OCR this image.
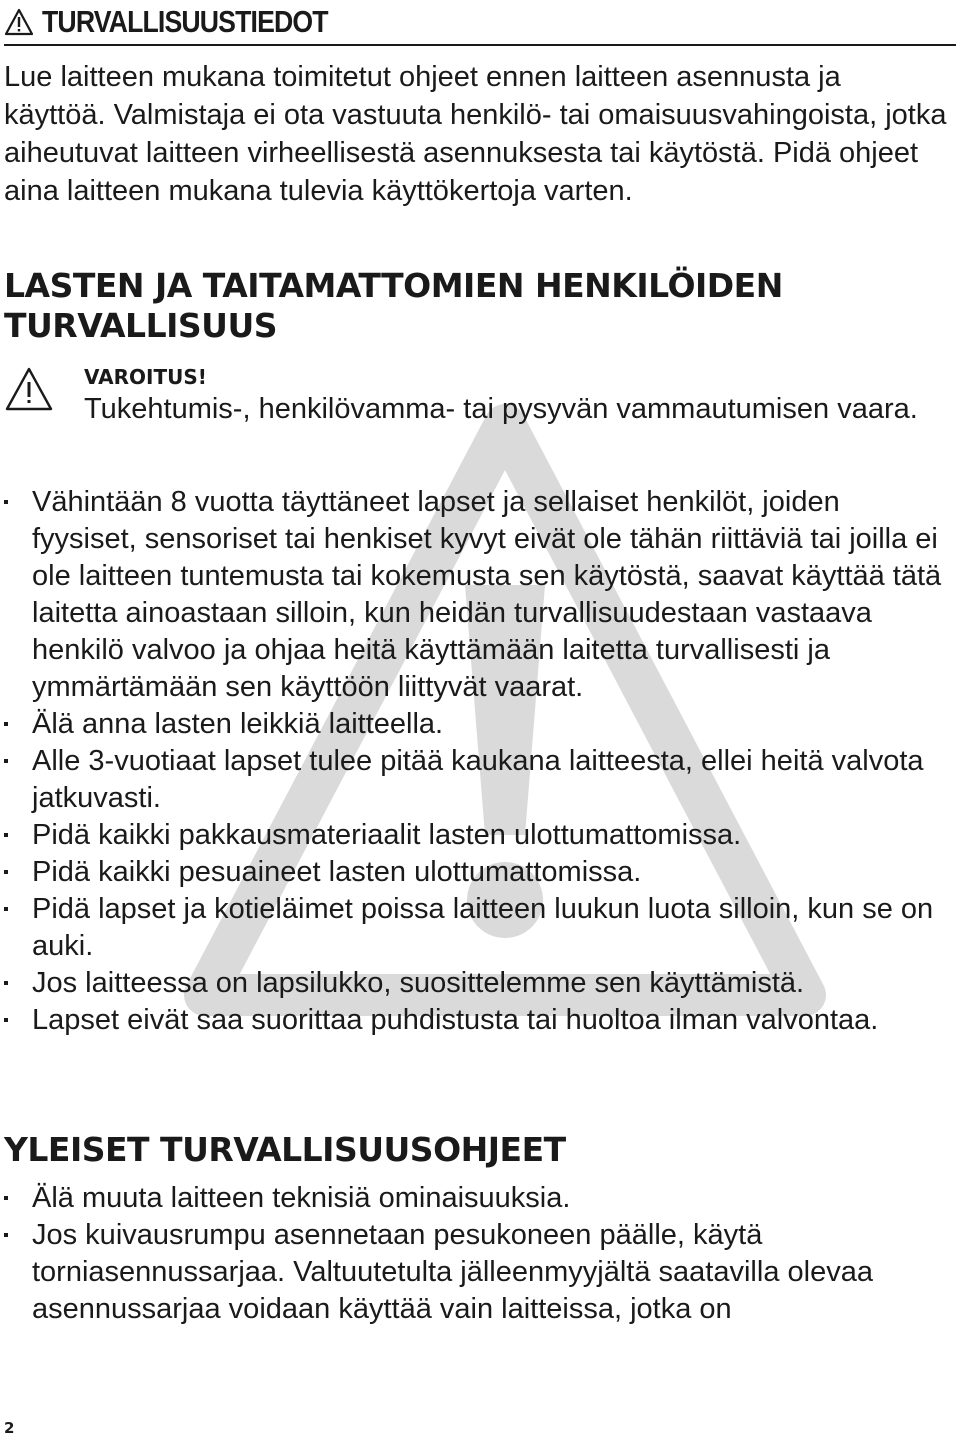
TURVALLISUUSTIEDOT

Lue laitteen mukana toimitetut ohjeet ennen laitteen asennusta ja käyttöä. Valmistaja ei ota vastuuta henkilö- tai omaisuusvahingoista, jotka aiheutuvat laitteen virheellisestä asennuksesta tai käytöstä. Pidä ohjeet aina laitteen mukana tulevia käyttökertoja varten.

LASTEN JA TAITAMATTOMIEN HENKILÖIDEN TURVALLISUUS

VAROITUS!

Tukehtumis-, henkilövamma- tai pysyvän vammautumisen vaara.

Vähintään 8 vuotta täyttäneet lapset ja sellaiset henkilöt, joiden fyysiset, sensoriset tai henkiset kyvyt eivät ole tähän riittäviä tai joilla ei ole laitteen tuntemusta tai kokemusta sen käytöstä, saavat käyttää tätä laitetta ainoastaan silloin, kun heidän turvallisuudestaan vastaava henkilö valvoo ja ohjaa heitä käyttämään laitetta turvallisesti ja ymmärtämään sen käyttöön liittyvät vaarat.
Älä anna lasten leikkiä laitteella.
Alle 3-vuotiaat lapset tulee pitää kaukana laitteesta, ellei heitä valvota jatkuvasti.
Pidä kaikki pakkausmateriaalit lasten ulottumattomissa.
Pidä kaikki pesuaineet lasten ulottumattomissa.
Pidä lapset ja kotieläimet poissa laitteen luukun luota silloin, kun se on auki.
Jos laitteessa on lapsilukko, suosittelemme sen käyttämistä.
Lapset eivät saa suorittaa puhdistusta tai huoltoa ilman valvontaa.
YLEISET TURVALLISUUSOHJEET
Älä muuta laitteen teknisiä ominaisuuksia.
Jos kuivausrumpu asennetaan pesukoneen päälle, käytä torniasennussarjaa. Valtuutetulta jälleenmyyjältä saatavilla olevaa asennussarjaa voidaan käyttää vain laitteissa, jotka on

2
